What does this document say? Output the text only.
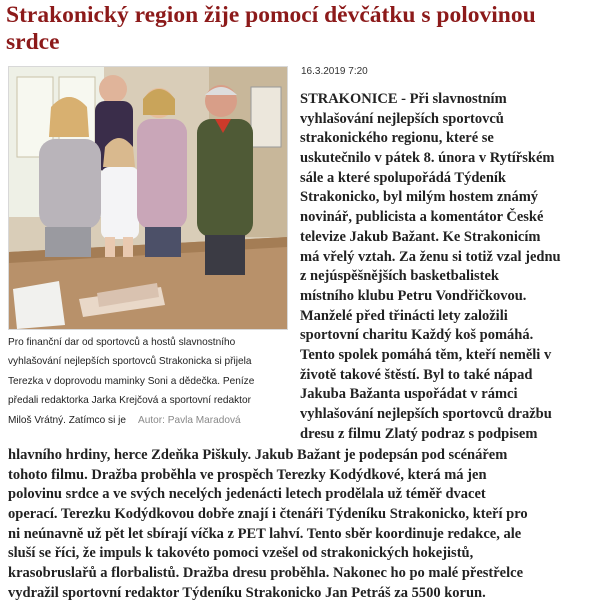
Strakonický region žije pomocí děvčátku s polovinou
srdce
Pro finanční dar od sportovců a hostů slavnostního
vyhlašování nejlepších sportovců Strakonicka si přijela
Terezka v doprovodu maminky Soni a dědečka. Peníze
předali redaktorka Jarka Krejčová a sportovní redaktor
Miloš Vrátný. Zatímco si je Autor: Pavla Maradová
16.3.2019 7:20
STRAKONICE - Při slavnostním
vyhlašování nejlepších sportovců
strakonického regionu, které se
uskutečnilo v pátek 8. února v Rytířském
sále a které spolupořádá Týdeník
Strakonicko, byl milým hostem známý
novinář, publicista a komentátor České
televize Jakub Bažant. Ke Strakonicím
má vřelý vztah. Za ženu si totiž vzal jednu
z nejúspěšnějších basketbalistek
místního klubu Petru Vondřičkovou.
Manželé před třinácti lety založili
sportovní charitu Každý koš pomáhá.
Tento spolek pomáhá těm, kteří neměli v
životě takové štěstí. Byl to také nápad
Jakuba Bažanta uspořádat v rámci
vyhlašování nejlepších sportovců dražbu
dresu z filmu Zlatý podraz s podpisem
hlavního hrdiny, herce Zdeňka Piškuly. Jakub Bažant je podepsán pod scénářem
tohoto filmu. Dražba proběhla ve prospěch Terezky Kodýdkové, která má jen
polovinu srdce a ve svých necelých jedenácti letech prodělala už téměř dvacet
operací. Terezku Kodýdkovou dobře znají i čtenáři Týdeníku Strakonicko, kteří pro
ni neúnavně už pět let sbírají víčka z PET lahví. Tento sběr koordinuje redakce, ale
sluší se říci, že impuls k takovéto pomoci vzešel od strakonických hokejistů,
krasobruslařů a florbalistů. Dražba dresu proběhla. Nakonec ho po malé přestřelce
vydražil sportovní redaktor Týdeníku Strakonicko Jan Petráš za 5500 korun.
